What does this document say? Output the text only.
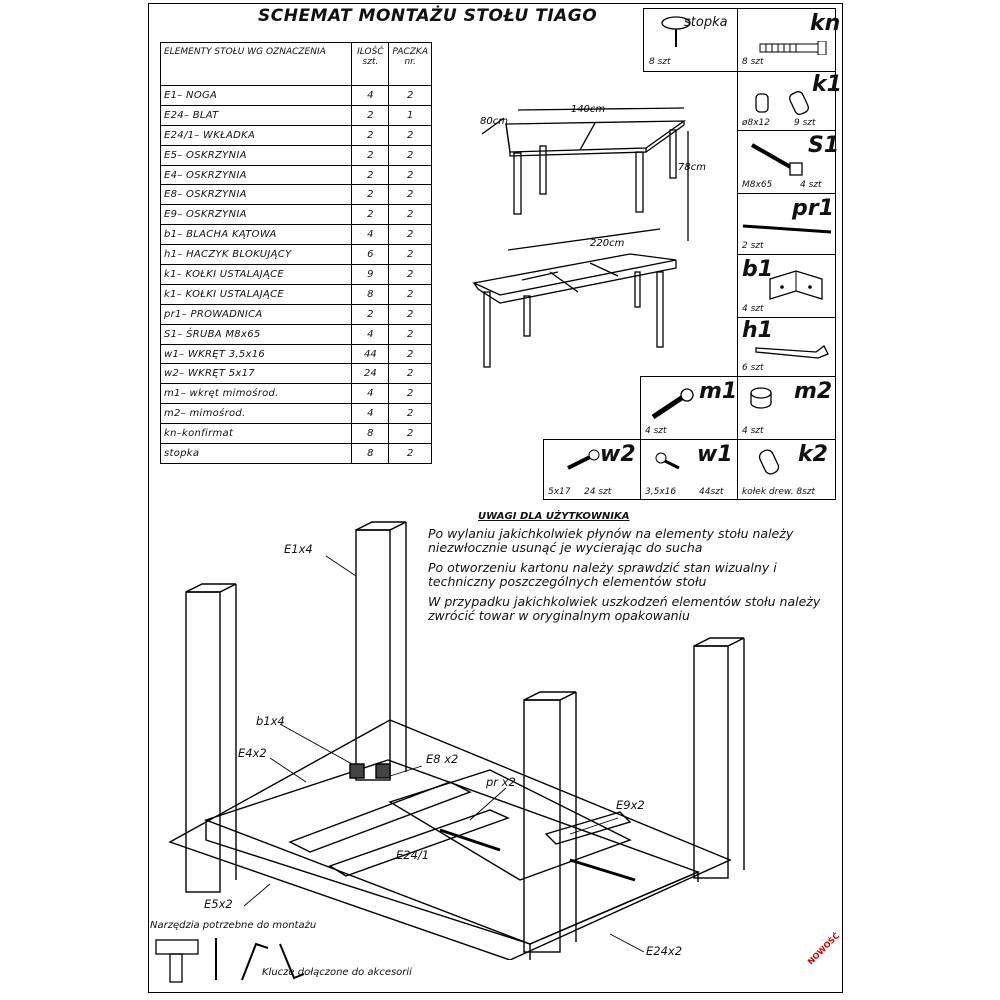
SCHEMAT MONTAŻU STOŁU TIAGO
ELEMENTY STOŁU WG OZNACZENIA	ILOŚĆ szt.	PACZKA nr.
E1– NOGA	4	2
E24– BLAT	2	1
E24/1– WKŁADKA	2	2
E5– OSKRZYNIA	2	2
E4– OSKRZYNIA	2	2
E8– OSKRZYNIA	2	2
E9– OSKRZYNIA	2	2
b1– BLACHA KĄTOWA	4	2
h1– HACZYK BLOKUJĄCY	6	2
k1– KOŁKI USTALAJĄCE	9	2
k1– KOŁKI USTALAJĄCE	8	2
pr1– PROWADNICA	2	2
S1– ŚRUBA M8x65	4	2
w1– WKRĘT 3,5x16	44	2
w2– WKRĘT 5x17	24	2
m1– wkręt mimośrod.	4	2
m2– mimośrod.	4	2
kn–konfirmat	8	2
stopka	8	2
140cm
80cm
78cm
220cm
stopka
8 szt
kn
8 szt
k1
ø8x12	9 szt
S1
M8x65	4 szt
pr1
2 szt
b1
4 szt
h1
6 szt
m1
4 szt
m2
4 szt
w2
5x17 24 szt
w1
3,5x16	44szt
k2
kołek drew. 8szt
UWAGI DLA UŻYTKOWNIKA

Po wylaniu jakichkolwiek płynów na elementy stołu należy niezwłocznie usunąć je wycierając do sucha

Po otworzeniu kartonu należy sprawdzić stan wizualny i techniczny poszczególnych elementów stołu

W przypadku jakichkolwiek uszkodzeń elementów stołu należy zwrócić towar w oryginalnym opakowaniu

E1x4
b1x4
E4x2	E8 x2
pr x2
E9x2
E24/1
E5x2
E24x2
Narzędzia potrzebne do montażu
Klucze dołączone do akcesorii
NOWOŚĆ
